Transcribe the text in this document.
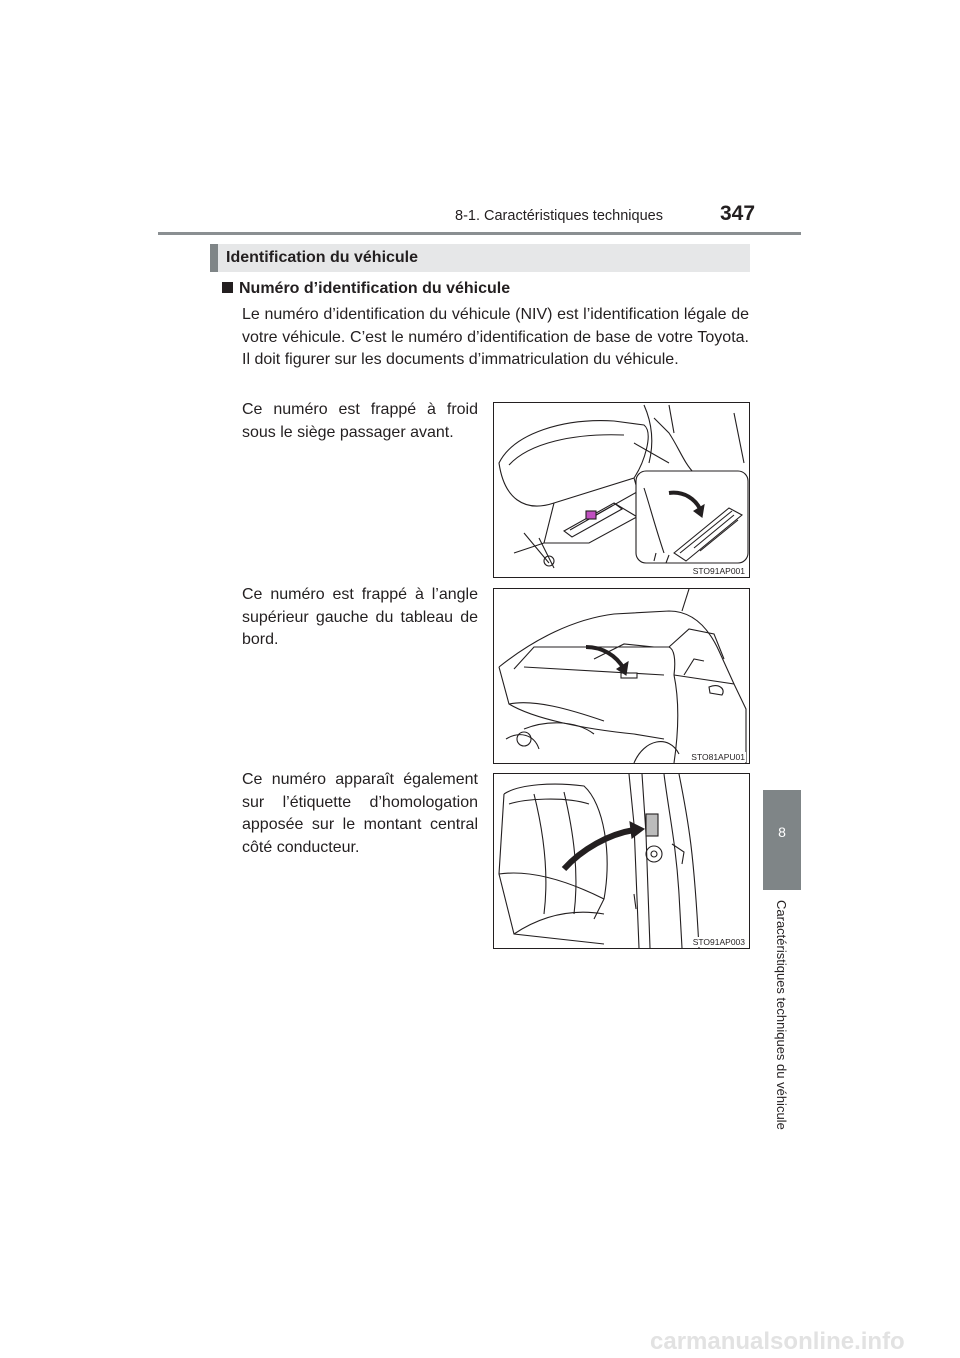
8-1. Caractéristiques techniques	347
8
Caractéristiques techniques du véhicule
Identification du véhicule
Numéro d’identification du véhicule
Le numéro d’identification du véhicule (NIV) est l’identification légale de votre véhicule. C’est le numéro d’identification de base de votre Toyota. Il doit figurer sur les documents d’immatriculation du véhicule.
Ce numéro est frappé à froid sous le siège passager avant.
STO91AP001
Ce numéro est frappé à l’angle supérieur gauche du tableau de bord.
STO81APU01
Ce numéro apparaît également sur l’étiquette d’homologation apposée sur le montant central côté conducteur.
STO91AP003
carmanualsonline.info
